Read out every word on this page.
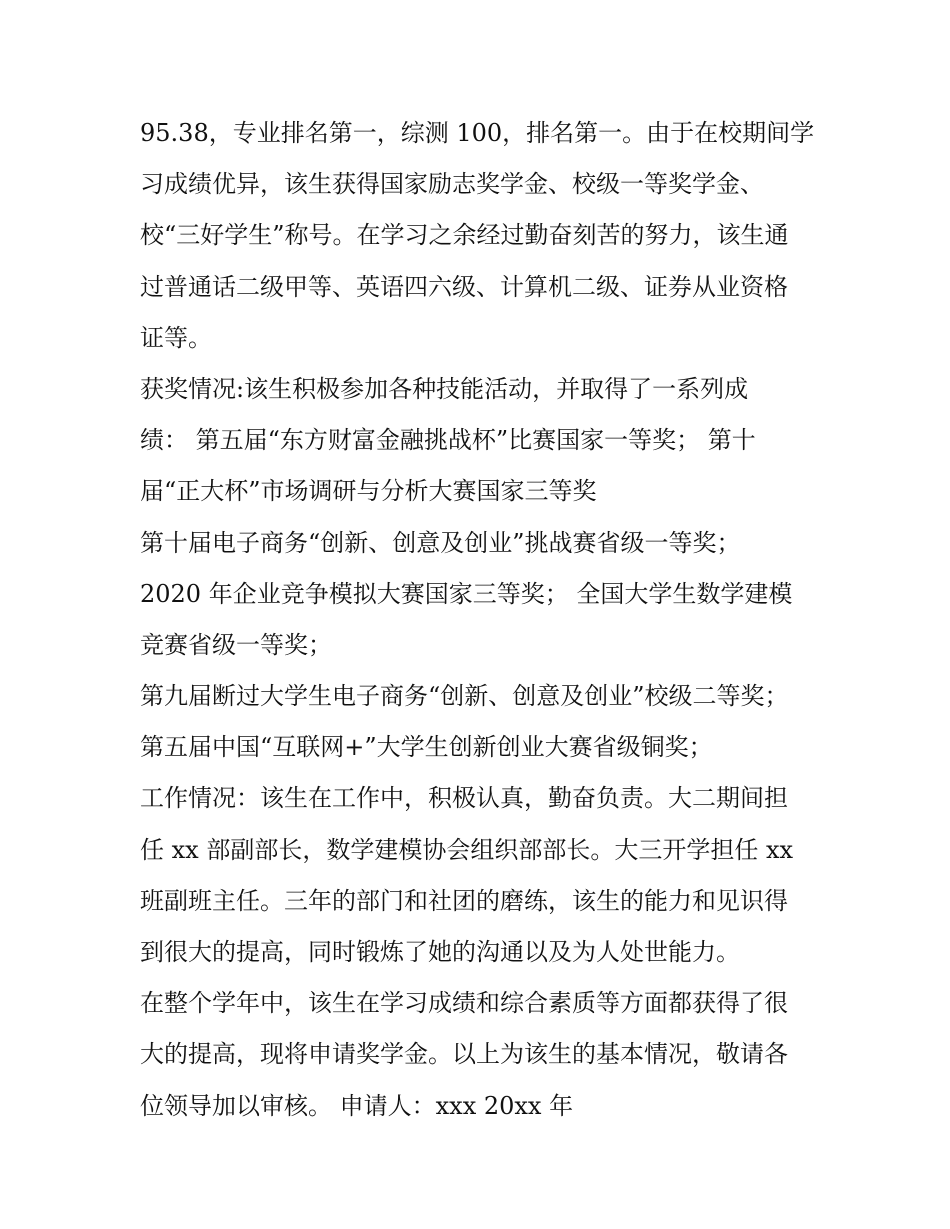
95.38，专业排名第一，综测 100，排名第一。由于在校期间学
习成绩优异，该生获得国家励志奖学金、校级一等奖学金、
校“三好学生”称号。在学习之余经过勤奋刻苦的努力，该生通
过普通话二级甲等、英语四六级、计算机二级、证券从业资格
证等。
获奖情况:该生积极参加各种技能活动，并取得了一系列成
绩： 第五届“东方财富金融挑战杯”比赛国家一等奖； 第十
届“正大杯”市场调研与分析大赛国家三等奖
第十届电子商务“创新、创意及创业”挑战赛省级一等奖；
2020 年企业竞争模拟大赛国家三等奖； 全国大学生数学建模
竞赛省级一等奖；
第九届断过大学生电子商务“创新、创意及创业”校级二等奖；
第五届中国“互联网+”大学生创新创业大赛省级铜奖；
工作情况：该生在工作中，积极认真，勤奋负责。大二期间担
任 xx 部副部长，数学建模协会组织部部长。大三开学担任 xx
班副班主任。三年的部门和社团的磨练，该生的能力和见识得
到很大的提高，同时锻炼了她的沟通以及为人处世能力。
在整个学年中，该生在学习成绩和综合素质等方面都获得了很
大的提高，现将申请奖学金。以上为该生的基本情况，敬请各
位领导加以审核。 申请人：xxx 20xx 年
